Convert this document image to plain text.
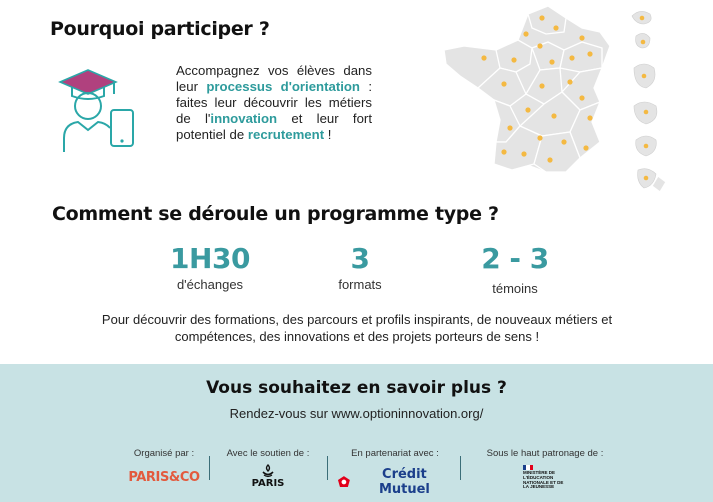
Pourquoi participer ?
Accompagnez vos élèves dans leur processus d'orientation : faites leur découvrir les métiers de l'innovation et leur fort potentiel de recrutement !
Comment se déroule un programme type ?
1H30
d'échanges
3
formats
2 - 3
témoins
Pour découvrir des formations, des parcours et profils inspirants, de nouveaux métiers et compétences, des innovations et des projets porteurs de sens !
Vous souhaitez en savoir plus ?
Rendez-vous sur www.optioninnovation.org/
Organisé par :
PARIS&CO
Avec le soutien de :
PARIS
En partenariat avec :
Crédit Mutuel
Sous le haut patronage de :
MINISTÈRE DE L'ÉDUCATION NATIONALE ET DE LA JEUNESSE
